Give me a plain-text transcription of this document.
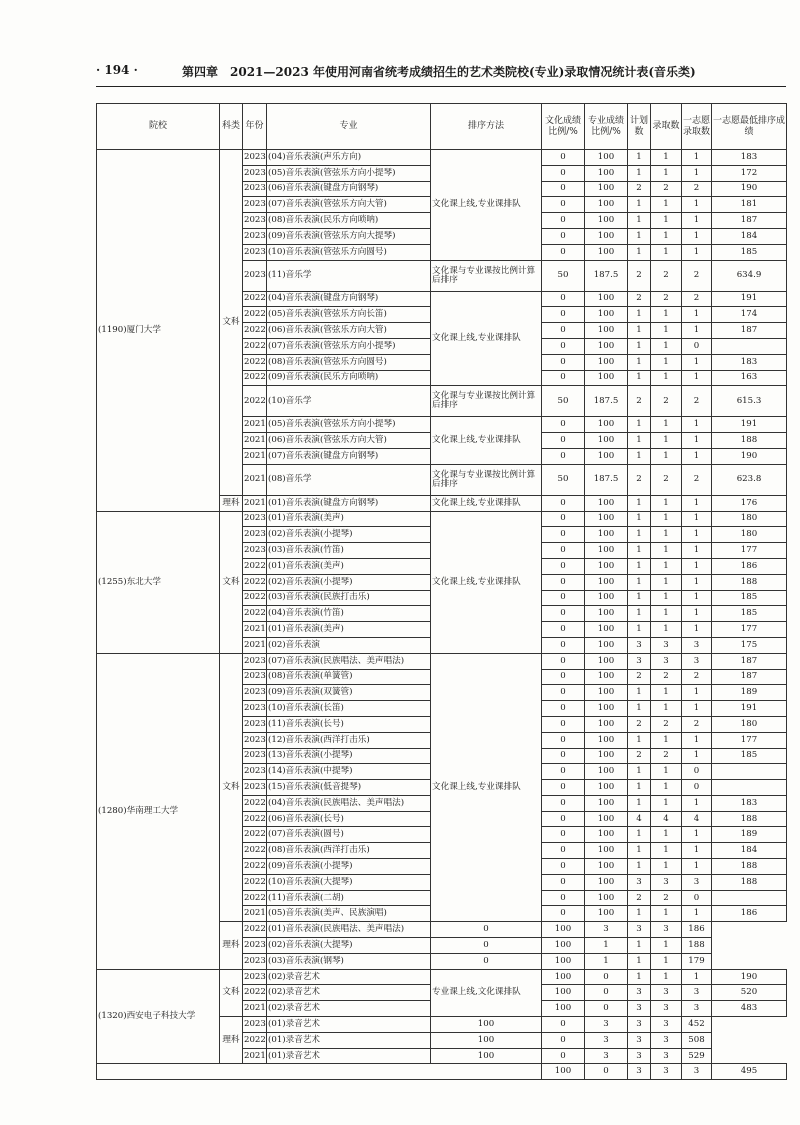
· 194 ·	第四章　2021—2023 年使用河南省统考成绩招生的艺术类院校(专业)录取情况统计表(音乐类)
院校	科类	年份	专业	排序方法	文化成绩比例/%	专业成绩比例/%	计划数	录取数	一志愿录取数	一志愿最低排序成绩
(1190)厦门大学	文科	2023	(04)音乐表演(声乐方向)	文化课上线,专业课排队	0	100	1	1	1	183
		2023	(05)音乐表演(管弦乐方向小提琴)		0	100	1	1	1	172
		2023	(06)音乐表演(键盘方向钢琴)		0	100	2	2	2	190
		2023	(07)音乐表演(管弦乐方向大管)		0	100	1	1	1	181
		2023	(08)音乐表演(民乐方向唢呐)		0	100	1	1	1	187
		2023	(09)音乐表演(管弦乐方向大提琴)		0	100	1	1	1	184
		2023	(10)音乐表演(管弦乐方向圆号)		0	100	1	1	1	185
		2023	(11)音乐学	文化课与专业课按比例计算后排序	50	187.5	2	2	2	634.9
		2022	(04)音乐表演(键盘方向钢琴)	文化课上线,专业课排队	0	100	2	2	2	191
		2022	(05)音乐表演(管弦乐方向长笛)		0	100	1	1	1	174
		2022	(06)音乐表演(管弦乐方向大管)		0	100	1	1	1	187
		2022	(07)音乐表演(管弦乐方向小提琴)		0	100	1	1	0	
		2022	(08)音乐表演(管弦乐方向圆号)		0	100	1	1	1	183
		2022	(09)音乐表演(民乐方向唢呐)		0	100	1	1	1	163
		2022	(10)音乐学	文化课与专业课按比例计算后排序	50	187.5	2	2	2	615.3
		2021	(05)音乐表演(管弦乐方向小提琴)	文化课上线,专业课排队	0	100	1	1	1	191
		2021	(06)音乐表演(管弦乐方向大管)		0	100	1	1	1	188
		2021	(07)音乐表演(键盘方向钢琴)		0	100	1	1	1	190
		2021	(08)音乐学	文化课与专业课按比例计算后排序	50	187.5	2	2	2	623.8
	理科	2021	(01)音乐表演(键盘方向钢琴)	文化课上线,专业课排队	0	100	1	1	1	176
(1255)东北大学	文科	2023	(01)音乐表演(美声)	文化课上线,专业课排队	0	100	1	1	1	180
		2023	(02)音乐表演(小提琴)		0	100	1	1	1	180
		2023	(03)音乐表演(竹笛)		0	100	1	1	1	177
		2022	(01)音乐表演(美声)		0	100	1	1	1	186
		2022	(02)音乐表演(小提琴)		0	100	1	1	1	188
		2022	(03)音乐表演(民族打击乐)		0	100	1	1	1	185
		2022	(04)音乐表演(竹笛)		0	100	1	1	1	185
		2021	(01)音乐表演(美声)		0	100	1	1	1	177
		2021	(02)音乐表演		0	100	3	3	3	175
(1280)华南理工大学	文科	2023	(07)音乐表演(民族唱法、美声唱法)	文化课上线,专业课排队	0	100	3	3	3	187
		2023	(08)音乐表演(单簧管)		0	100	2	2	2	187
		2023	(09)音乐表演(双簧管)		0	100	1	1	1	189
		2023	(10)音乐表演(长笛)		0	100	1	1	1	191
		2023	(11)音乐表演(长号)		0	100	2	2	2	180
		2023	(12)音乐表演(西洋打击乐)		0	100	1	1	1	177
		2023	(13)音乐表演(小提琴)		0	100	2	2	1	185
		2023	(14)音乐表演(中提琴)		0	100	1	1	0	
		2023	(15)音乐表演(低音提琴)		0	100	1	1	0	
		2022	(04)音乐表演(民族唱法、美声唱法)		0	100	1	1	1	183
		2022	(06)音乐表演(长号)		0	100	4	4	4	188
		2022	(07)音乐表演(圆号)		0	100	1	1	1	189
		2022	(08)音乐表演(西洋打击乐)		0	100	1	1	1	184
		2022	(09)音乐表演(小提琴)		0	100	1	1	1	188
		2022	(10)音乐表演(大提琴)		0	100	3	3	3	188
		2022	(11)音乐表演(二胡)		0	100	2	2	0	
		2021	(05)音乐表演(美声、民族演唱)		0	100	1	1	1	186
	理科	2022	(01)音乐表演(民族唱法、美声唱法)	0	100	3	3	3	186	
		2023	(02)音乐表演(大提琴)	0	100	1	1	1	188	
		2023	(03)音乐表演(钢琴)	0	100	1	1	1	179	
(1320)西安电子科技大学	文科	2023	(02)录音艺术	专业课上线,文化课排队	100	0	1	1	1	190
		2022	(02)录音艺术		100	0	3	3	3	520
		2021	(02)录音艺术		100	0	3	3	3	483
	理科	2023	(01)录音艺术	100	0	3	3	3	452	
		2022	(01)录音艺术	100	0	3	3	3	508	
		2021	(01)录音艺术	100	0	3	3	3	529	
					100	0	3	3	3	495
